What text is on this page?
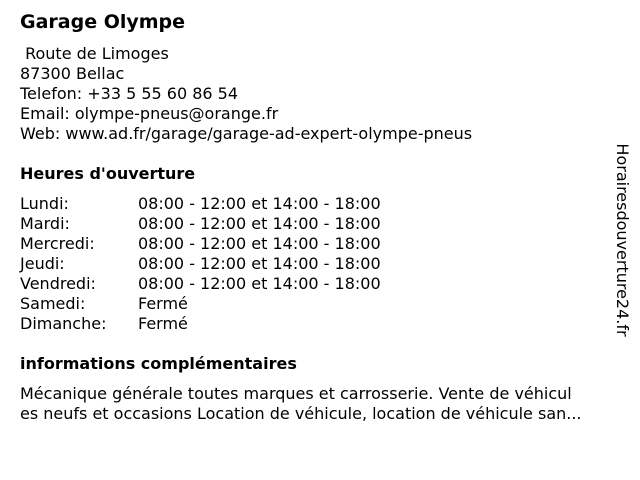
Garage Olympe
Route de Limoges
87300 Bellac
Telefon: +33 5 55 60 86 54
Email: olympe-pneus@orange.fr
Web: www.ad.fr/garage/garage-ad-expert-olympe-pneus
Heures d'ouverture
Lundi:	08:00 - 12:00 et 14:00 - 18:00
Mardi:	08:00 - 12:00 et 14:00 - 18:00
Mercredi:	08:00 - 12:00 et 14:00 - 18:00
Jeudi:	08:00 - 12:00 et 14:00 - 18:00
Vendredi:	08:00 - 12:00 et 14:00 - 18:00
Samedi:	Fermé
Dimanche:	Fermé
informations complémentaires
Mécanique générale toutes marques et carrosserie. Vente de véhicul
es neufs et occasions Location de véhicule, location de véhicule san...
Horairesdouverture24.fr
